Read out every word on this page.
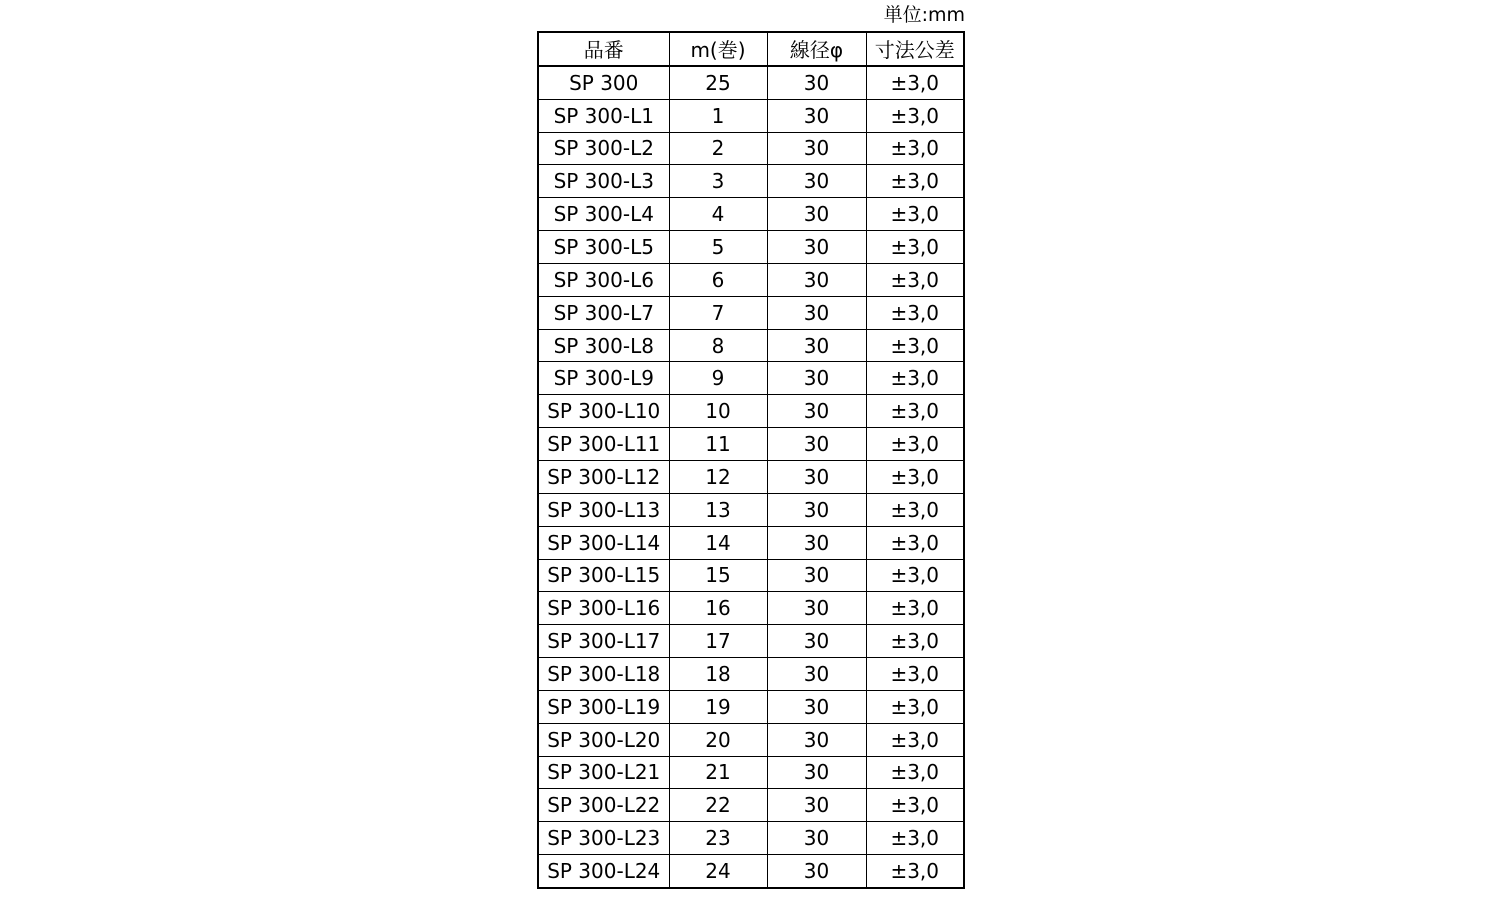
単位:mm
品番	m(巻)	線径φ	寸法公差
SP 300	25	30	±3,0
SP 300-L1	1	30	±3,0
SP 300-L2	2	30	±3,0
SP 300-L3	3	30	±3,0
SP 300-L4	4	30	±3,0
SP 300-L5	5	30	±3,0
SP 300-L6	6	30	±3,0
SP 300-L7	7	30	±3,0
SP 300-L8	8	30	±3,0
SP 300-L9	9	30	±3,0
SP 300-L10	10	30	±3,0
SP 300-L11	11	30	±3,0
SP 300-L12	12	30	±3,0
SP 300-L13	13	30	±3,0
SP 300-L14	14	30	±3,0
SP 300-L15	15	30	±3,0
SP 300-L16	16	30	±3,0
SP 300-L17	17	30	±3,0
SP 300-L18	18	30	±3,0
SP 300-L19	19	30	±3,0
SP 300-L20	20	30	±3,0
SP 300-L21	21	30	±3,0
SP 300-L22	22	30	±3,0
SP 300-L23	23	30	±3,0
SP 300-L24	24	30	±3,0
